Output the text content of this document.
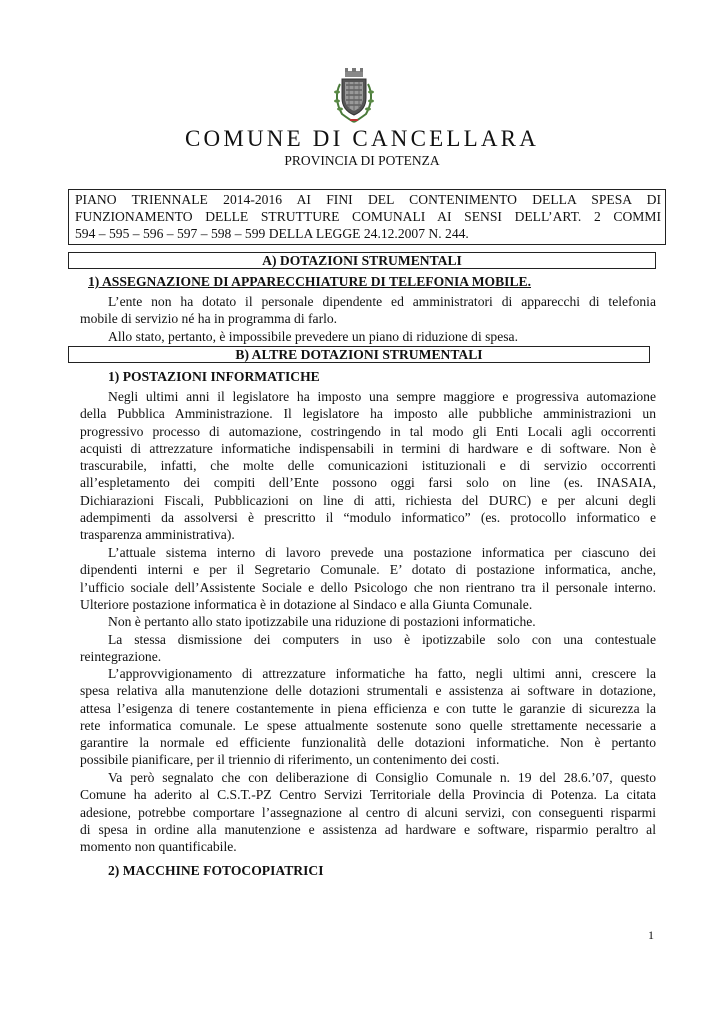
COMUNE DI CANCELLARA
PROVINCIA DI POTENZA
PIANO TRIENNALE 2014-2016 AI FINI DEL CONTENIMENTO DELLA SPESA DI
FUNZIONAMENTO DELLE STRUTTURE COMUNALI AI SENSI DELL’ART. 2 COMMI
594 – 595 – 596 – 597 – 598 – 599 DELLA LEGGE 24.12.2007 N. 244.
A) DOTAZIONI STRUMENTALI
1) ASSEGNAZIONE DI APPARECCHIATURE DI TELEFONIA MOBILE.
L’ente non ha dotato il personale dipendente ed amministratori di apparecchi di telefonia
mobile di servizio né ha in programma di farlo.
Allo stato, pertanto, è impossibile prevedere un piano di riduzione di spesa.
B) ALTRE DOTAZIONI STRUMENTALI
1) POSTAZIONI INFORMATICHE
Negli ultimi anni il legislatore ha imposto una sempre maggiore e progressiva automazione
della Pubblica Amministrazione. Il legislatore ha imposto alle pubbliche amministrazioni un
progressivo processo di automazione, costringendo in tal modo gli Enti Locali agli occorrenti
acquisti di attrezzature informatiche indispensabili in termini di hardware e di software. Non è
trascurabile, infatti, che molte delle comunicazioni istituzionali e di servizio occorrenti
all’espletamento dei compiti dell’Ente possono oggi farsi solo on line (es. INASAIA,
Dichiarazioni Fiscali, Pubblicazioni on line di atti, richiesta del DURC) e per alcuni degli
adempimenti da assolversi è prescritto il “modulo informatico” (es. protocollo informatico e
trasparenza amministrativa).
L’attuale sistema interno di lavoro prevede una postazione informatica per ciascuno dei
dipendenti interni e per il Segretario Comunale. E’ dotato di postazione informatica, anche,
l’ufficio sociale dell’Assistente Sociale e dello Psicologo che non rientrano tra il personale interno.
Ulteriore postazione informatica è in dotazione al Sindaco e alla Giunta Comunale.
Non è pertanto allo stato ipotizzabile una riduzione di postazioni informatiche.
La stessa dismissione dei computers in uso è ipotizzabile solo con una contestuale
reintegrazione.
L’approvvigionamento di attrezzature informatiche ha fatto, negli ultimi anni, crescere la
spesa relativa alla manutenzione delle dotazioni strumentali e assistenza ai software in dotazione,
attesa l’esigenza di tenere costantemente in piena efficienza e con tutte le garanzie di sicurezza la
rete informatica comunale. Le spese attualmente sostenute sono quelle strettamente necessarie a
garantire la normale ed efficiente funzionalità delle dotazioni informatiche. Non è pertanto
possibile pianificare, per il triennio di riferimento, un contenimento dei costi.
Va però segnalato che con deliberazione di Consiglio Comunale n. 19 del 28.6.’07, questo
Comune ha aderito al C.S.T.-PZ Centro Servizi Territoriale della Provincia di Potenza. La citata
adesione, potrebbe comportare l’assegnazione al centro di alcuni servizi, con conseguenti risparmi
di spesa in ordine alla manutenzione e assistenza ad hardware e software, risparmio peraltro al
momento non quantificabile.
2) MACCHINE FOTOCOPIATRICI
1
